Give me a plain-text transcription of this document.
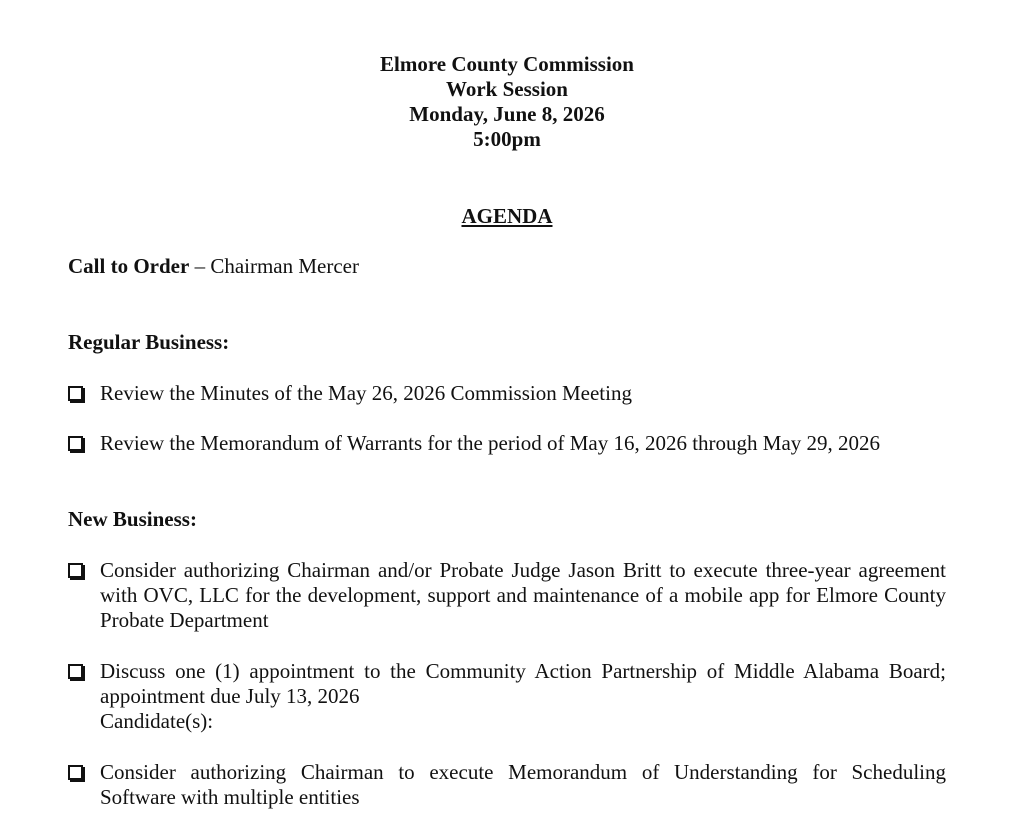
Elmore County Commission
Work Session
Monday, June 8, 2026
5:00pm
AGENDA
Call to Order – Chairman Mercer
Regular Business:
Review the Minutes of the May 26, 2026 Commission Meeting
Review the Memorandum of Warrants for the period of May 16, 2026 through May 29, 2026
New Business:
Consider authorizing Chairman and/or Probate Judge Jason Britt to execute three-year agreement
with OVC, LLC for the development, support and maintenance of a mobile app for Elmore County
Probate Department
Discuss one (1) appointment to the Community Action Partnership of Middle Alabama Board;
appointment due July 13, 2026
Candidate(s):
Consider authorizing Chairman to execute Memorandum of Understanding for Scheduling
Software with multiple entities
